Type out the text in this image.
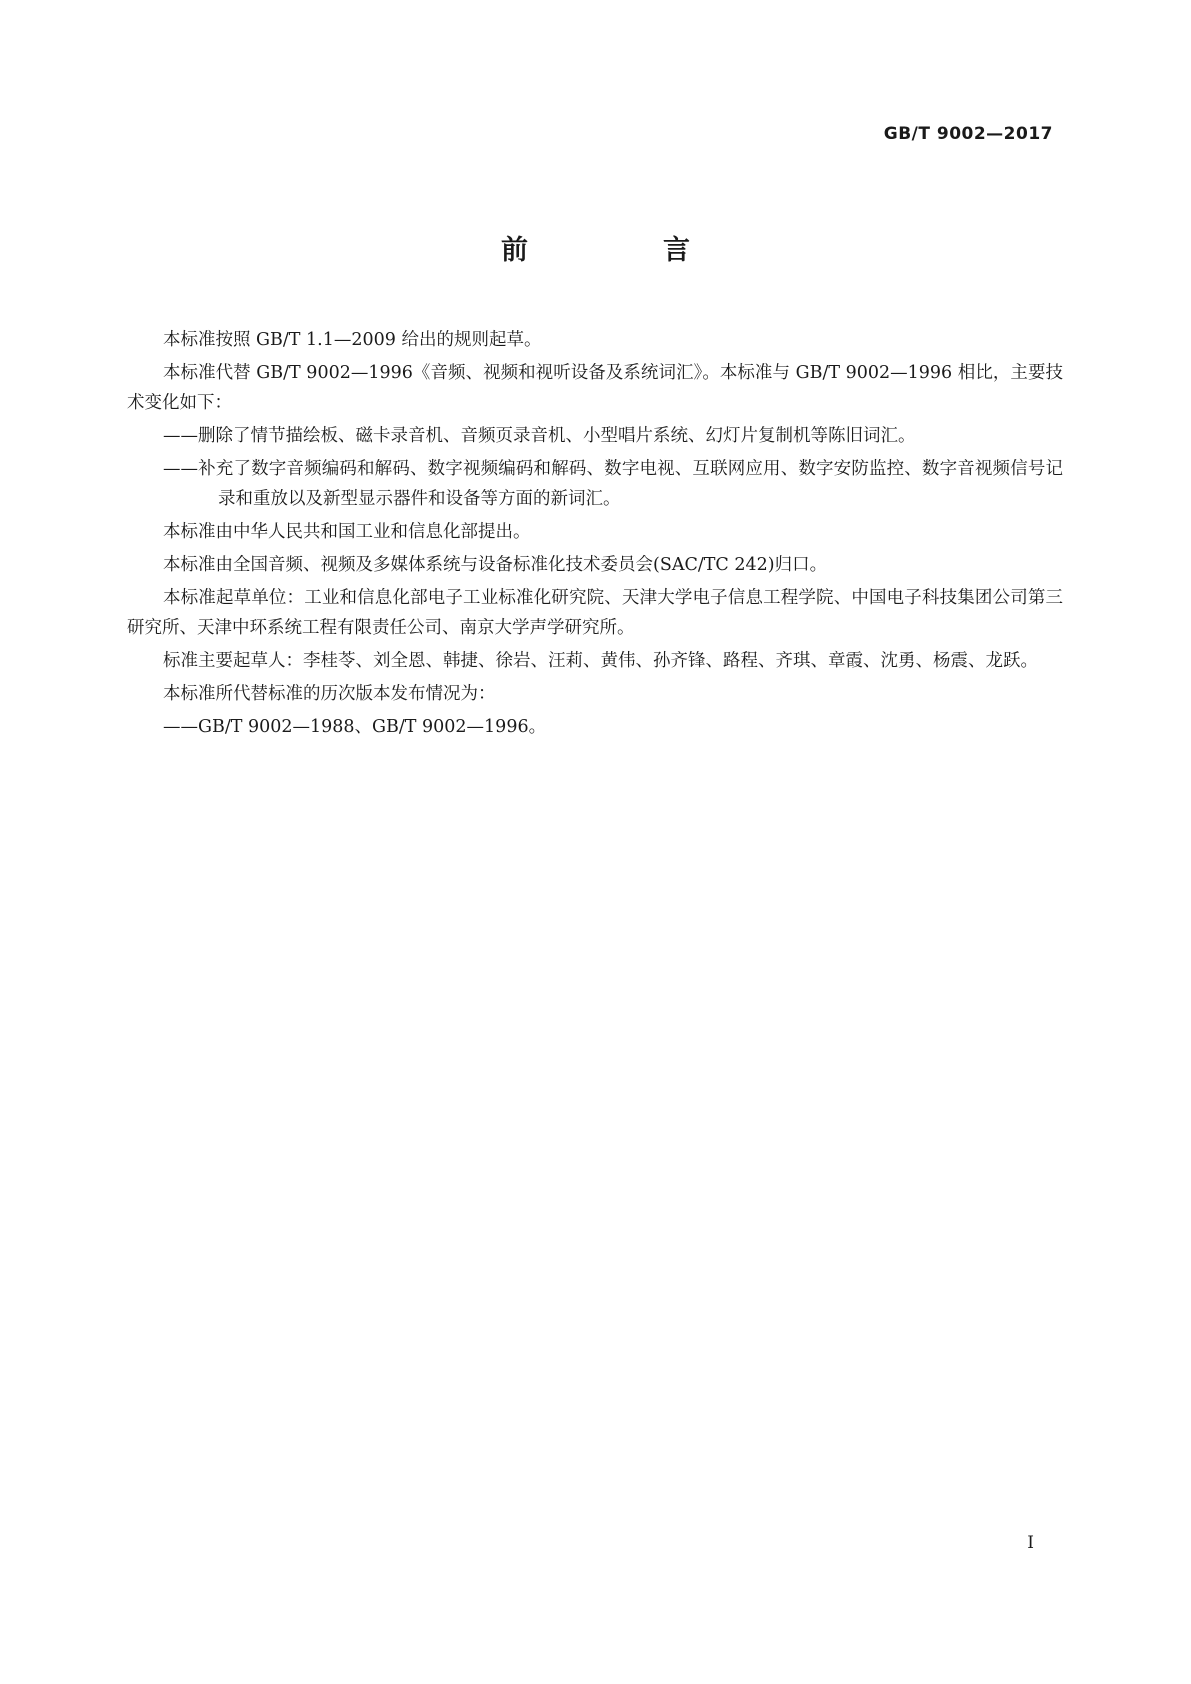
GB/T 9002—2017
前　言

本标准按照 GB/T 1.1—2009 给出的规则起草。

本标准代替 GB/T 9002—1996《音频、视频和视听设备及系统词汇》。本标准与 GB/T 9002—1996 相比，主要技术变化如下：

——删除了情节描绘板、磁卡录音机、音频页录音机、小型唱片系统、幻灯片复制机等陈旧词汇。

——补充了数字音频编码和解码、数字视频编码和解码、数字电视、互联网应用、数字安防监控、数字音视频信号记录和重放以及新型显示器件和设备等方面的新词汇。

本标准由中华人民共和国工业和信息化部提出。

本标准由全国音频、视频及多媒体系统与设备标准化技术委员会(SAC/TC 242)归口。

本标准起草单位：工业和信息化部电子工业标准化研究院、天津大学电子信息工程学院、中国电子科技集团公司第三研究所、天津中环系统工程有限责任公司、南京大学声学研究所。

标准主要起草人：李桂苓、刘全恩、韩捷、徐岩、汪莉、黄伟、孙齐锋、路程、齐琪、章霞、沈勇、杨震、龙跃。

本标准所代替标准的历次版本发布情况为：

——GB/T 9002—1988、GB/T 9002—1996。

I
